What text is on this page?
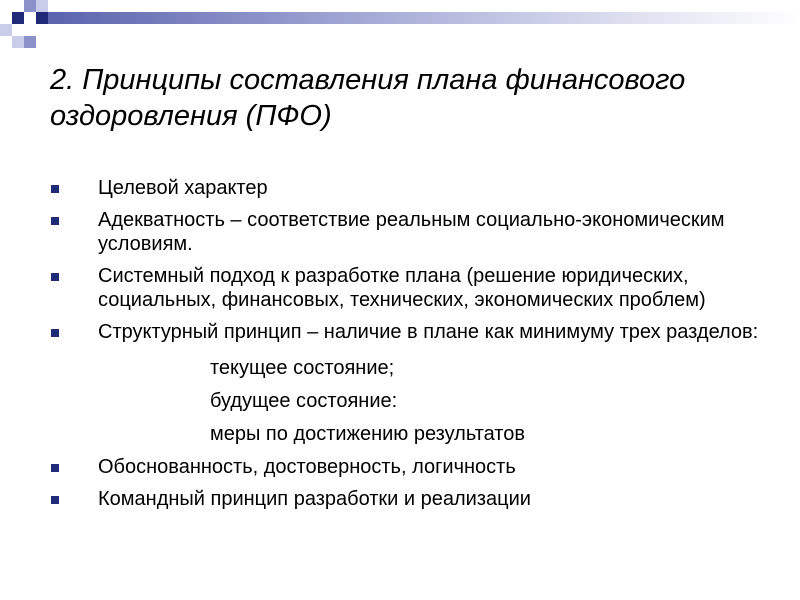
2. Принципы составления плана финансового оздоровления (ПФО)
Целевой характер
Адекватность – соответствие реальным социально-экономическим условиям.
Системный подход к разработке плана (решение юридических, социальных, финансовых, технических, экономических проблем)
Структурный принцип – наличие в плане как минимуму трех разделов:
текущее состояние;
будущее состояние:
меры по достижению результатов
Обоснованность, достоверность, логичность
Командный принцип разработки и реализации
